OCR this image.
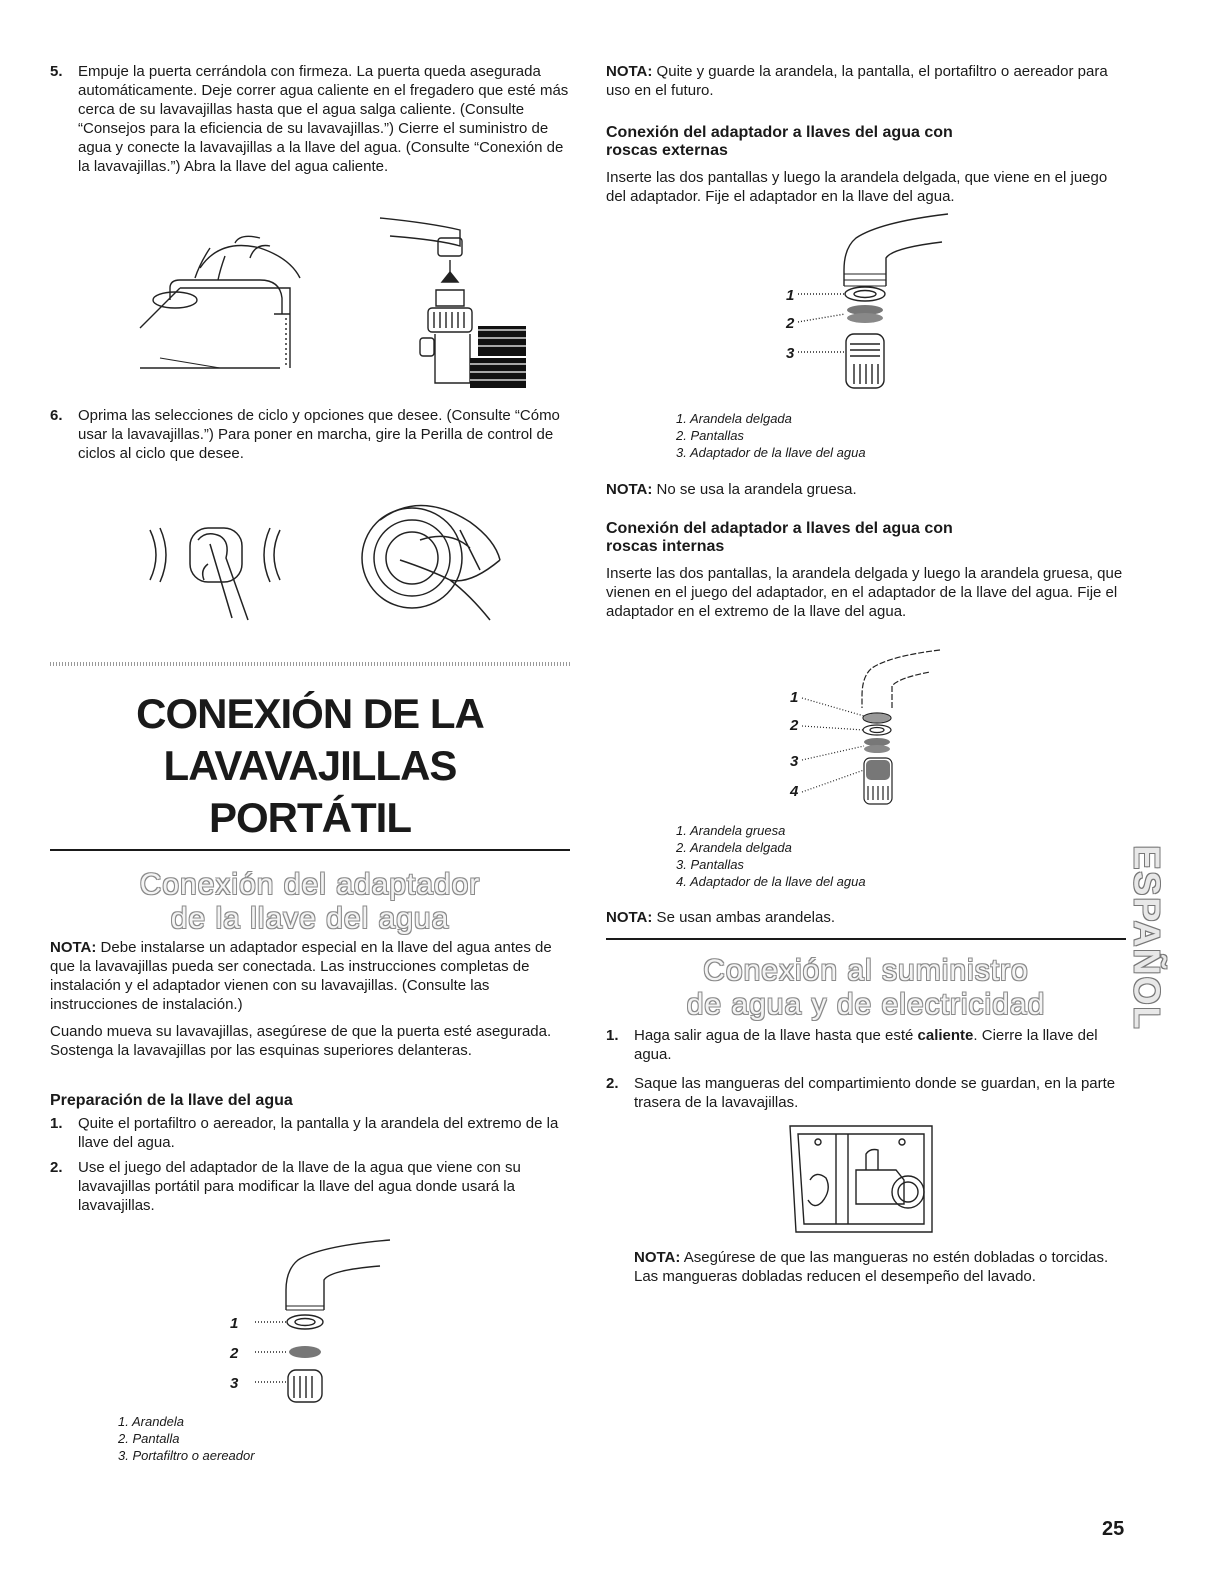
5. Empuje la puerta cerrándola con firmeza. La puerta queda asegurada automáticamente. Deje correr agua caliente en el fregadero que esté más cerca de su lavavajillas hasta que el agua salga caliente. (Consulte “Consejos para la eficiencia de su lavavajillas.”) Cierre el suministro de agua y conecte la lavavajillas a la llave del agua. (Consulte “Conexión de la lavavajillas.”) Abra la llave del agua caliente.
6. Oprima las selecciones de ciclo y opciones que desee. (Consulte “Cómo usar la lavavajillas.”) Para poner en marcha, gire la Perilla de control de ciclos al ciclo que desee.
CONEXIÓN DE LA
LAVAVAJILLAS
PORTÁTIL
Conexión del adaptador
de la llave del agua

NOTA: Debe instalarse un adaptador especial en la llave del agua antes de que la lavavajillas pueda ser conectada. Las instrucciones completas de instalación y el adaptador vienen con su lavavajillas. (Consulte las instrucciones de instalación.)

Cuando mueva su lavavajillas, asegúrese de que la puerta esté asegurada. Sostenga la lavavajillas por las esquinas superiores delanteras.

Preparación de la llave del agua
1. Quite el portafiltro o aereador, la pantalla y la arandela del extremo de la llave del agua.
2. Use el juego del adaptador de la llave de la agua que viene con su lavavajillas portátil para modificar la llave del agua donde usará la lavavajillas.
1
2
3
1. Arandela
2. Pantalla
3. Portafiltro o aereador

NOTA: Quite y guarde la arandela, la pantalla, el portafiltro o aereador para uso en el futuro.

Conexión del adaptador a llaves del agua con
roscas externas

Inserte las dos pantallas y luego la arandela delgada, que viene en el juego del adaptador. Fije el adaptador en la llave del agua.

1
2
3
1. Arandela delgada
2. Pantallas
3. Adaptador de la llave del agua

NOTA: No se usa la arandela gruesa.

Conexión del adaptador a llaves del agua con
roscas internas

Inserte las dos pantallas, la arandela delgada y luego la arandela gruesa, que vienen en el juego del adaptador, en el adaptador de la llave del agua. Fije el adaptador en el extremo de la llave del agua.

1
2
3
4
1. Arandela gruesa
2. Arandela delgada
3. Pantallas
4. Adaptador de la llave del agua

NOTA: Se usan ambas arandelas.

Conexión al suministro
de agua y de electricidad
1. Haga salir agua de la llave hasta que esté caliente. Cierre la llave del agua.
2. Saque las mangueras del compartimiento donde se guardan, en la parte trasera de la lavavajillas.

NOTA: Asegúrese de que las mangueras no estén dobladas o torcidas. Las mangueras dobladas reducen el desempeño del lavado.

ESPAÑOL
25
